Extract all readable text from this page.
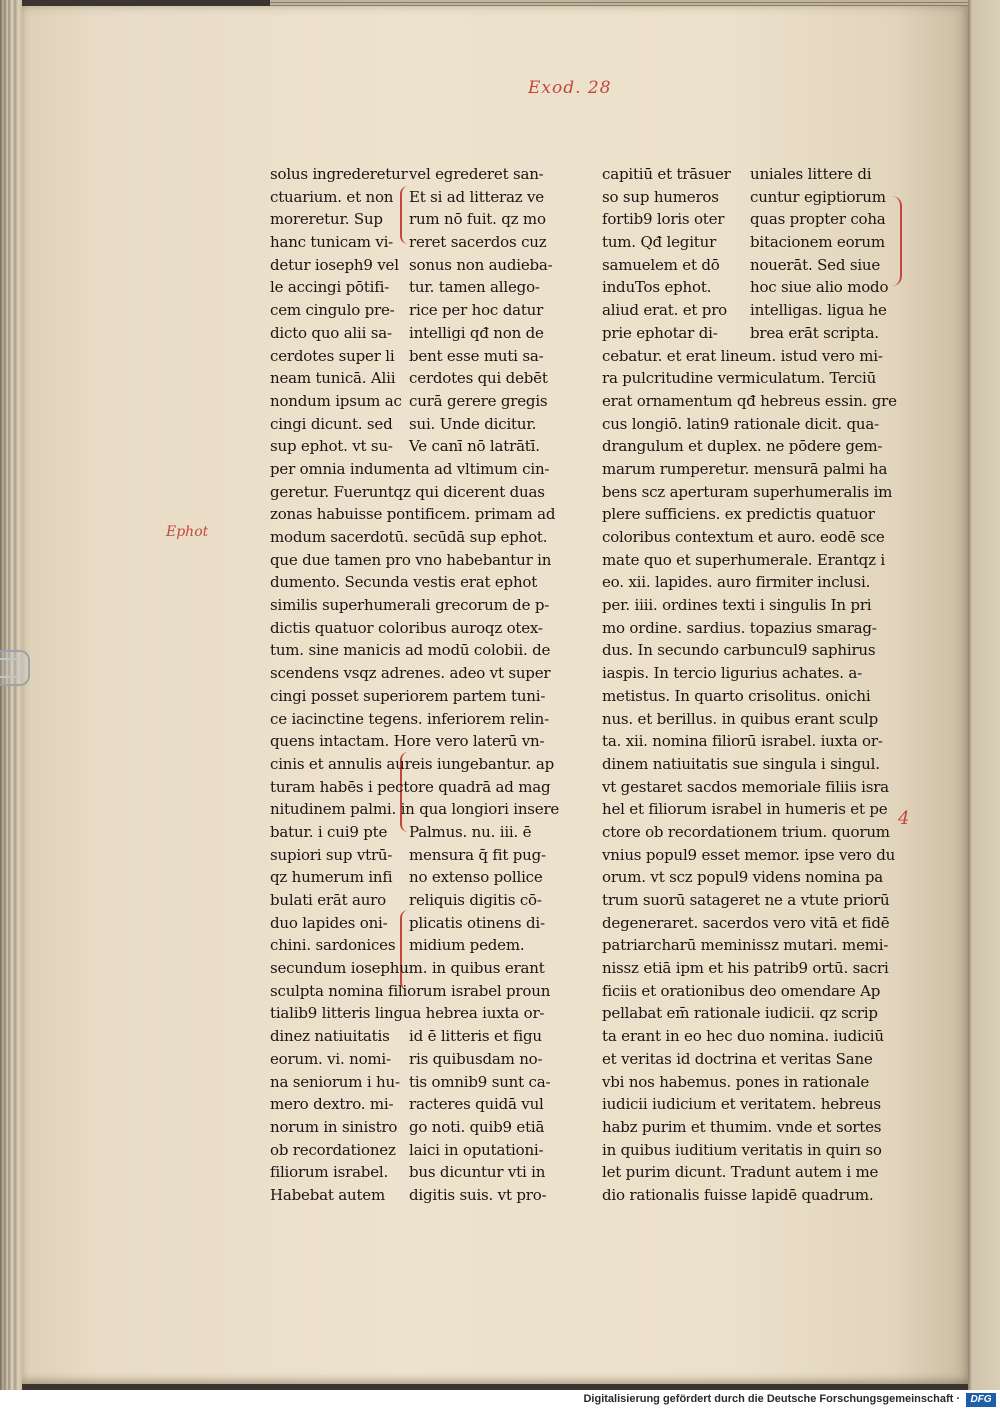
Exod. 28
Ephot
4
solus ingrederetur vel egrederet san-
ctuarium. et non	Et si ad litteraz ve
moreretur. Sup	rum nō fuit. qz mo
hanc tunicam vi-	reret sacerdos cuz
detur ioseph9 vel sonus non audieba-
le accingi pōtifi-	tur. tamen allego-
cem cingulo pre- rice per hoc datur
dicto quo alii sa-	intelligi qđ non de
cerdotes super li bent esse muti sa-
neam tunicā. Alii cerdotes qui debēt
nondum ipsum ac curā gerere gregis
cingi dicunt. sed	sui. Unde dicitur.
sup ephot. vt su-	Ve canī nō latrātī.
per omnia indumenta ad vltimum cin-
geretur. Fueruntqz qui dicerent duas
zonas habuisse pontificem. primam ad
modum sacerdotū. secūdā sup ephot.
que due tamen pro vno habebantur in
dumento. Secunda vestis erat ephot
similis superhumerali grecorum de p-
dictis quatuor coloribus auroqz otex-
tum. sine manicis ad modū colobii. de
scendens vsqz adrenes. adeo vt super
cingi posset superiorem partem tuni-
ce iacinctine tegens. inferiorem relin-
quens intactam. Hore vero laterū vn-
cinis et annulis aureis iungebantur. ap
turam habēs i pectore quadrā ad mag
nitudinem palmi. in qua longiori insere
batur. i cui9 pte	Palmus. nu. iii. ē
supiori sup vtrū-	mensura q̄ fit pug-
qz humerum infi	no extenso pollice
bulati erāt auro	reliquis digitis cō-
duo lapides oni-	plicatis otinens di-
chini. sardonices midium pedem.
secundum iosephum. in quibus erant
sculpta nomina filiorum israbel proun
tialib9 litteris lingua hebrea iuxta or-
dinez natiuitatis	id ē litteris et figu
eorum. vi. nomi-	ris quibusdam no-
na seniorum i hu- tis omnib9 sunt ca-
mero dextro. mi-	racteres quidā vul
norum in sinistro go noti. quib9 etiā
ob recordationez laici in oputationi-
filiorum israbel.	bus dicuntur vti in
Habebat autem	digitis suis. vt pro-
capitiū et trāsuer	uniales littere di
so sup humeros	cuntur egiptiorum
fortib9 loris oter	quas propter coha
tum. Qđ legitur	bitacionem eorum
samuelem et dō	nouerāt. Sed siue
induTos ephot.	hoc siue alio modo
aliud erat. et pro	intelligas. ligua he
prie ephotar di-	brea erāt scripta.
cebatur. et erat lineum. istud vero mi-
ra pulcritudine vermiculatum. Terciū
erat ornamentum qđ hebreus essin. gre
cus longiō. latin9 rationale dicit. qua-
drangulum et duplex. ne pōdere gem-
marum rumperetur. mensurā palmi ha
bens scz aperturam superhumeralis im
plere sufficiens. ex predictis quatuor
coloribus contextum et auro. eodē sce
mate quo et superhumerale. Erantqz i
eo. xii. lapides. auro firmiter inclusi.
per. iiii. ordines texti i singulis In pri
mo ordine. sardius. topazius smarag-
dus. In secundo carbuncul9 saphirus
iaspis. In tercio ligurius achates. a-
metistus. In quarto crisolitus. onichi
nus. et berillus. in quibus erant sculp
ta. xii. nomina filiorū israbel. iuxta or-
dinem natiuitatis sue singula i singul.
vt gestaret sacdos memoriale filiis isra
hel et filiorum israbel in humeris et pe
ctore ob recordationem trium. quorum
vnius popul9 esset memor. ipse vero du
orum. vt scz popul9 videns nomina pa
trum suorū satageret ne a vtute priorū
degeneraret. sacerdos vero vitā et fidē
patriarcharū meminissz mutari. memi-
nissz etiā ipm et his patrib9 ortū. sacri
ficiis et orationibus deo omendare Ap
pellabat em̄ rationale iudicii. qz scrip
ta erant in eo hec duo nomina. iudiciū
et veritas id doctrina et veritas Sane
vbi nos habemus. pones in rationale
iudicii iudicium et veritatem. hebreus
habz purim et thumim. vnde et sortes
in quibus iuditium veritatis in quirı so
let purim dicunt. Tradunt autem i me
dio rationalis fuisse lapidē quadrum.
Digitalisierung gefördert durch die Deutsche Forschungsgemeinschaft ·	DFG
